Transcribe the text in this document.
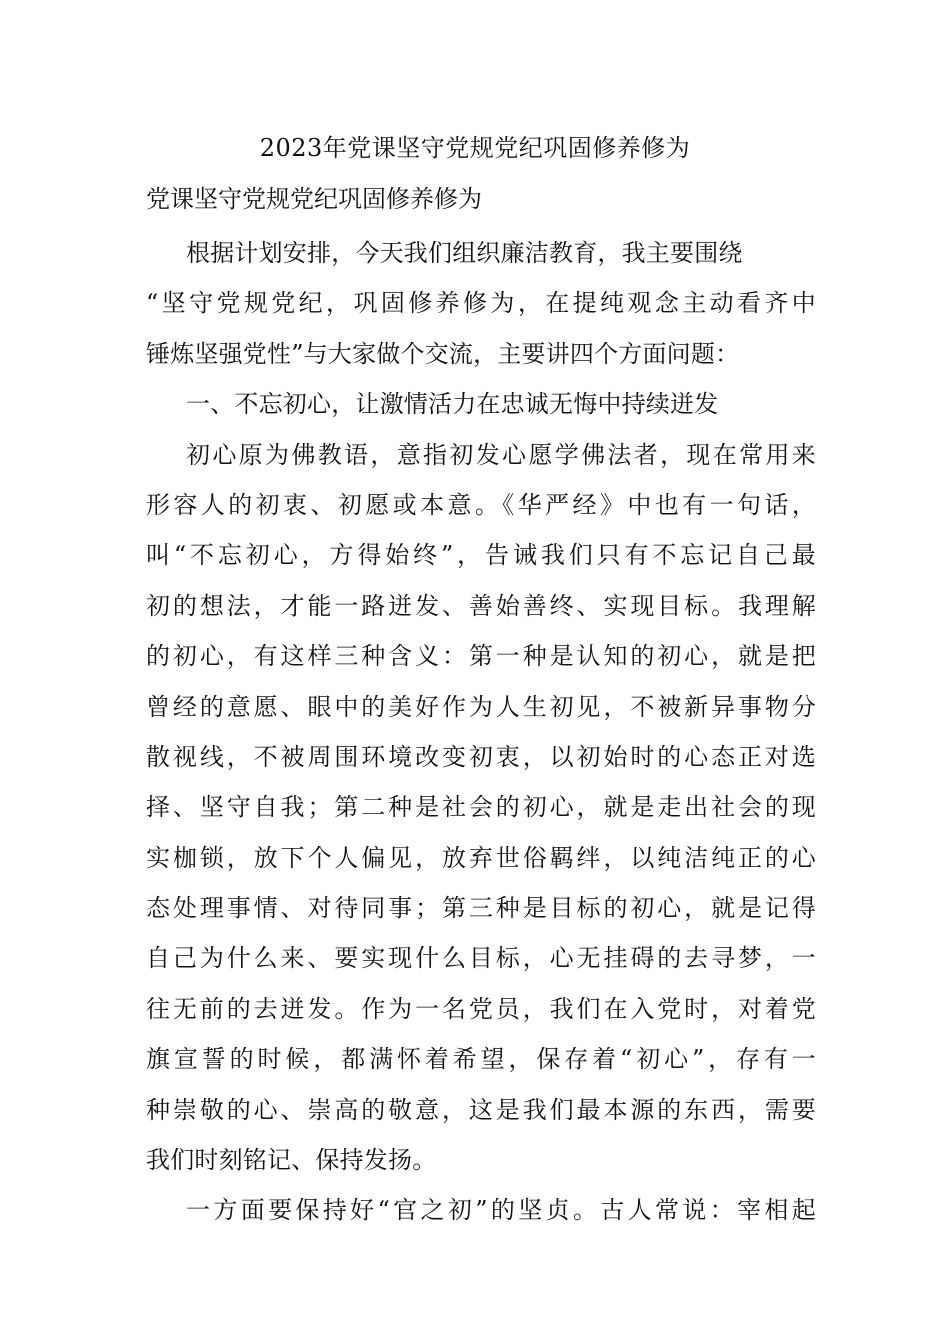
2023年党课坚守党规党纪巩固修养修为
党课坚守党规党纪巩固修养修为
根据计划安排，今天我们组织廉洁教育，我主要围绕
“坚守党规党纪，巩固修养修为，在提纯观念主动看齐中
锤炼坚强党性”与大家做个交流，主要讲四个方面问题：
一、不忘初心，让激情活力在忠诚无悔中持续迸发
初心原为佛教语，意指初发心愿学佛法者，现在常用来
形容人的初衷、初愿或本意。《华严经》中也有一句话，
叫“不忘初心，方得始终”，告诫我们只有不忘记自己最
初的想法，才能一路迸发、善始善终、实现目标。我理解
的初心，有这样三种含义：第一种是认知的初心，就是把
曾经的意愿、眼中的美好作为人生初见，不被新异事物分
散视线，不被周围环境改变初衷，以初始时的心态正对选
择、坚守自我；第二种是社会的初心，就是走出社会的现
实枷锁，放下个人偏见，放弃世俗羁绊，以纯洁纯正的心
态处理事情、对待同事；第三种是目标的初心，就是记得
自己为什么来、要实现什么目标，心无挂碍的去寻梦，一
往无前的去迸发。作为一名党员，我们在入党时，对着党
旗宣誓的时候，都满怀着希望，保存着“初心”，存有一
种崇敬的心、崇高的敬意，这是我们最本源的东西，需要
我们时刻铭记、保持发扬。
一方面要保持好“官之初”的坚贞。古人常说：宰相起
